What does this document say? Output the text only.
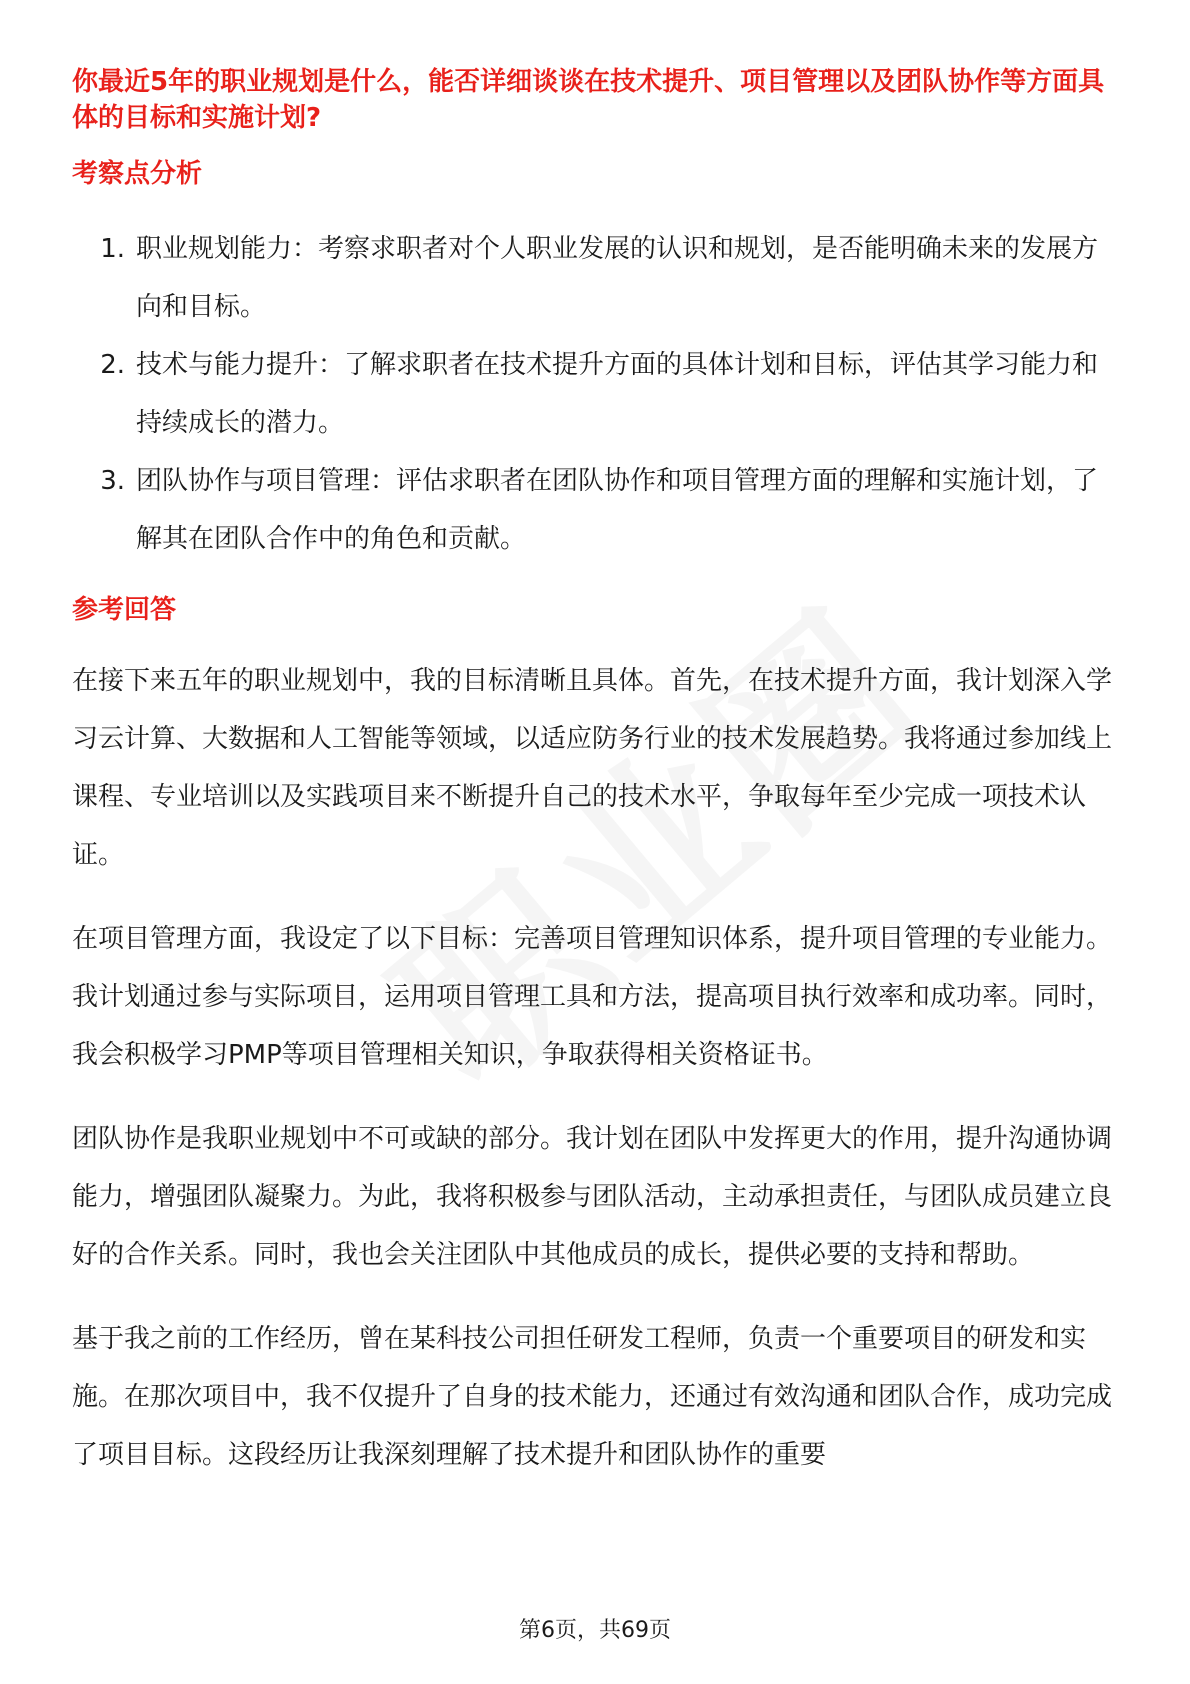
你最近5年的职业规划是什么，能否详细谈谈在技术提升、项目管理以及团队协作等方面具体的目标和实施计划?
考察点分析
1. 职业规划能力：考察求职者对个人职业发展的认识和规划，是否能明确未来的发展方向和目标。
2. 技术与能力提升：了解求职者在技术提升方面的具体计划和目标，评估其学习能力和持续成长的潜力。
3. 团队协作与项目管理：评估求职者在团队协作和项目管理方面的理解和实施计划，了解其在团队合作中的角色和贡献。
参考回答

在接下来五年的职业规划中，我的目标清晰且具体。首先，在技术提升方面，我计划深入学习云计算、大数据和人工智能等领域，以适应防务行业的技术发展趋势。我将通过参加线上课程、专业培训以及实践项目来不断提升自己的技术水平，争取每年至少完成一项技术认证。

在项目管理方面，我设定了以下目标：完善项目管理知识体系，提升项目管理的专业能力。我计划通过参与实际项目，运用项目管理工具和方法，提高项目执行效率和成功率。同时，我会积极学习PMP等项目管理相关知识，争取获得相关资格证书。

团队协作是我职业规划中不可或缺的部分。我计划在团队中发挥更大的作用，提升沟通协调能力，增强团队凝聚力。为此，我将积极参与团队活动，主动承担责任，与团队成员建立良好的合作关系。同时，我也会关注团队中其他成员的成长，提供必要的支持和帮助。

基于我之前的工作经历，曾在某科技公司担任研发工程师，负责一个重要项目的研发和实施。在那次项目中，我不仅提升了自身的技术能力，还通过有效沟通和团队合作，成功完成了项目目标。这段经历让我深刻理解了技术提升和团队协作的重要

第6页，共69页
